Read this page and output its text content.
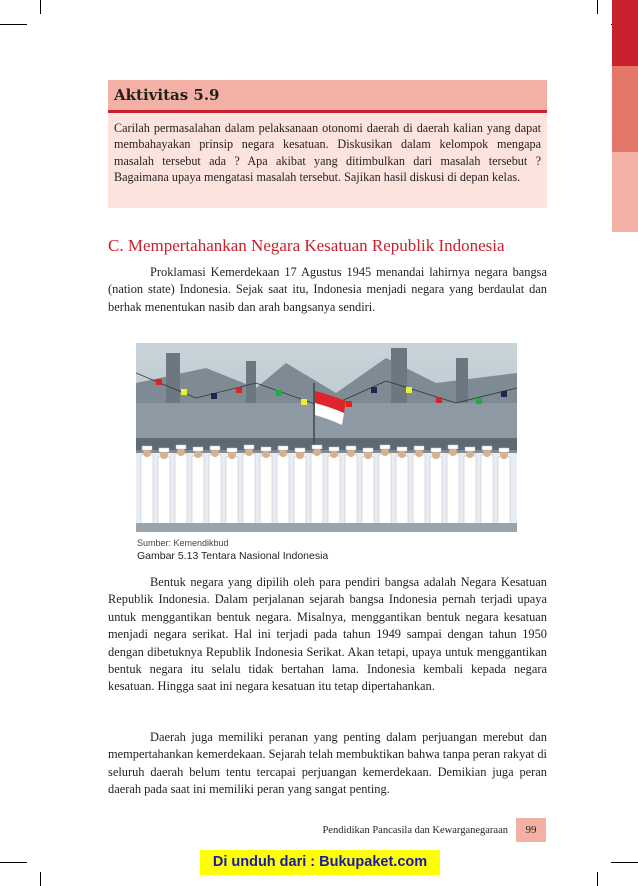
Aktivitas 5.9
Carilah permasalahan dalam pelaksanaan otonomi daerah di daerah kalian yang dapat membahayakan prinsip negara kesatuan. Diskusikan dalam kelompok mengapa masalah tersebut ada ? Apa akibat yang ditimbulkan dari masalah tersebut ? Bagaimana upaya mengatasi masalah tersebut. Sajikan hasil diskusi di depan kelas.
C. Mempertahankan Negara Kesatuan Republik Indonesia

Proklamasi Kemerdekaan 17 Agustus 1945 menandai lahirnya negara bangsa (nation state) Indonesia. Sejak saat itu, Indonesia menjadi negara yang berdaulat dan berhak menentukan nasib dan arah bangsanya sendiri.

Sumber: Kemendikbud
Gambar 5.13 Tentara Nasional Indonesia

Bentuk negara yang dipilih oleh para pendiri bangsa adalah Negara Kesatuan Republik Indonesia. Dalam perjalanan sejarah bangsa Indonesia pernah terjadi upaya untuk menggantikan bentuk negara. Misalnya, menggantikan bentuk negara kesatuan menjadi negara serikat. Hal ini terjadi pada tahun 1949 sampai dengan tahun 1950 dengan dibetuknya Republik Indonesia Serikat. Akan tetapi, upaya untuk menggantikan bentuk negara itu selalu tidak bertahan lama. Indonesia kembali kepada negara kesatuan. Hingga saat ini negara kesatuan itu tetap dipertahankan.

Daerah juga memiliki peranan yang penting dalam perjuangan merebut dan mempertahankan kemerdekaan. Sejarah telah membuktikan bahwa tanpa peran rakyat di seluruh daerah belum tentu tercapai perjuangan kemerdekaan. Demikian juga peran daerah pada saat ini memiliki peran yang sangat penting.

Pendidikan Pancasila dan Kewarganegaraan	99
Di unduh dari : Bukupaket.com
